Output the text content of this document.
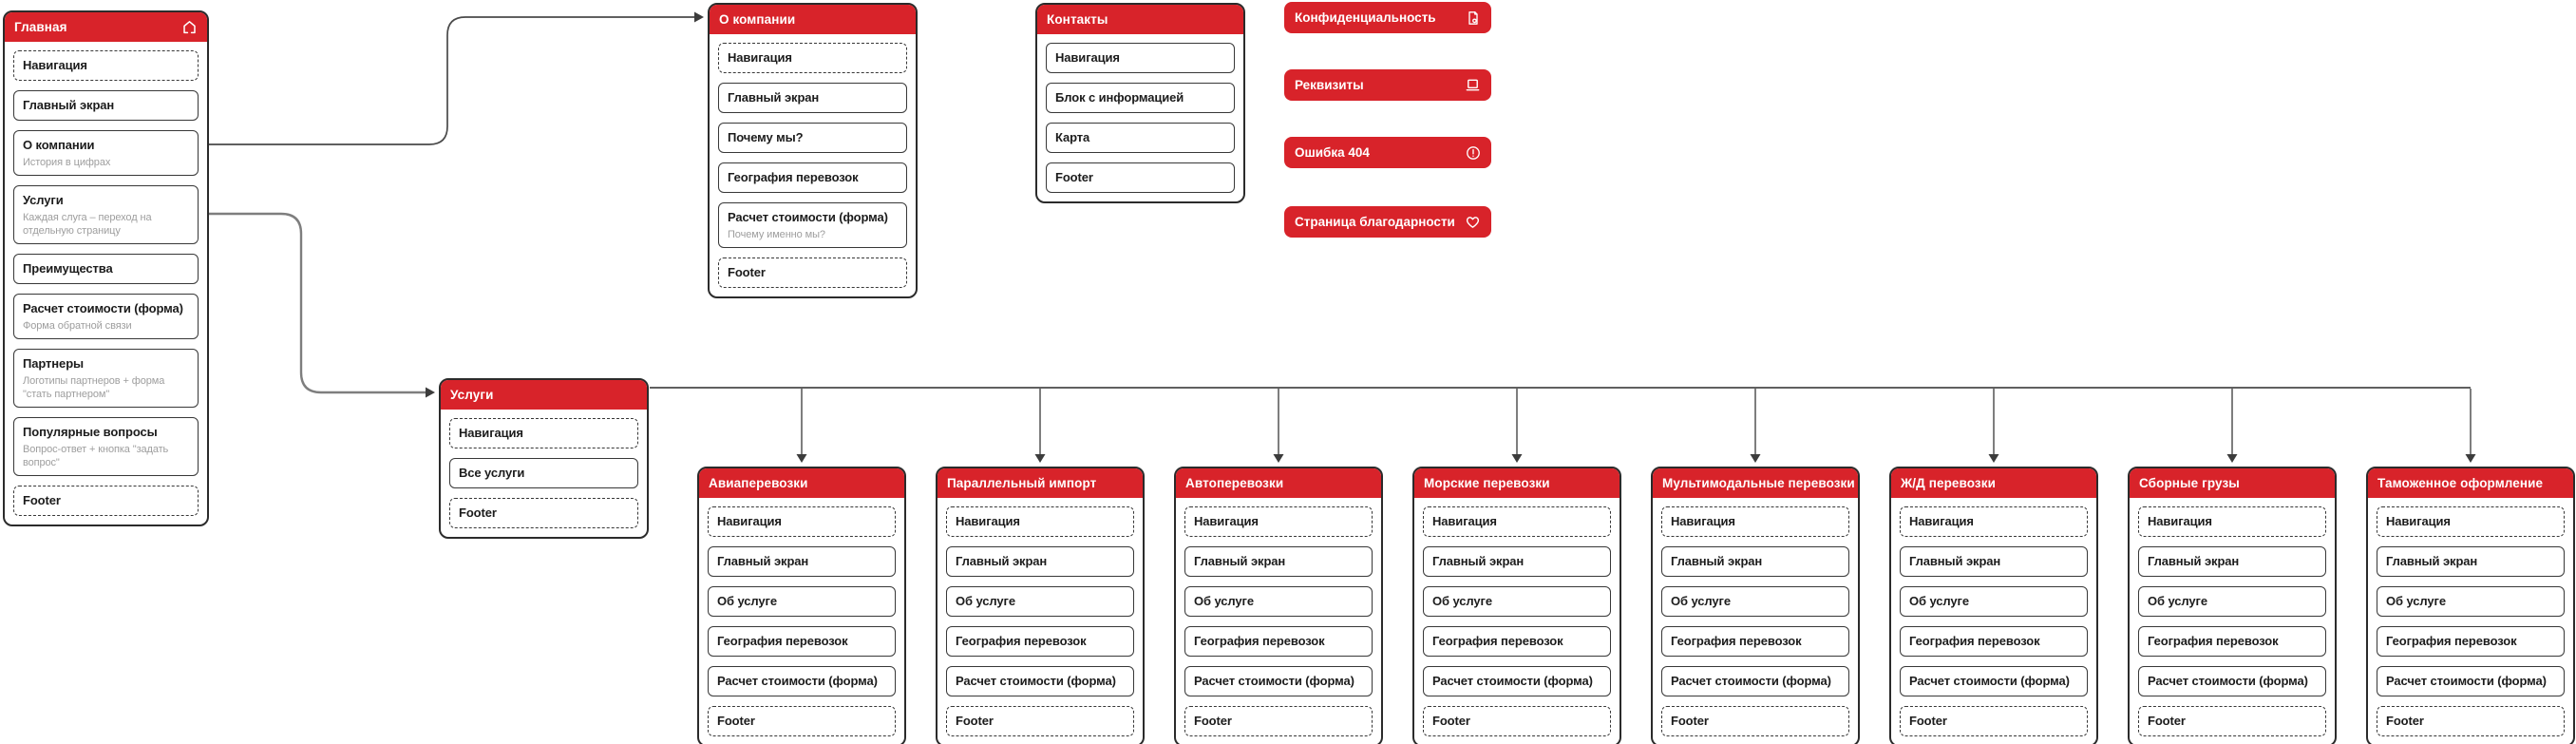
Главная
Навигация
Главный экран
О компании
История в цифрах
Услуги
Каждая слуга – переход на отдельную страницу
Преимущества
Расчет стоимости (форма)
Форма обратной связи
Партнеры
Логотипы партнеров + форма "стать партнером"
Популярные вопросы
Вопрос-ответ + кнопка "задать вопрос"
Footer
О компании
Навигация
Главный экран
Почему мы?
География перевозок
Расчет стоимости (форма)
Почему именно мы?
Footer
Контакты
Навигация
Блок с информацией
Карта
Footer
Услуги
Навигация
Все услуги
Footer
Авиаперевозки
Навигация
Главный экран
Об услуге
География перевозок
Расчет стоимости (форма)
Footer
Параллельный импорт
Навигация
Главный экран
Об услуге
География перевозок
Расчет стоимости (форма)
Footer
Автоперевозки
Навигация
Главный экран
Об услуге
География перевозок
Расчет стоимости (форма)
Footer
Морские перевозки
Навигация
Главный экран
Об услуге
География перевозок
Расчет стоимости (форма)
Footer
Мультимодальные перевозки
Навигация
Главный экран
Об услуге
География перевозок
Расчет стоимости (форма)
Footer
Ж/Д перевозки
Навигация
Главный экран
Об услуге
География перевозок
Расчет стоимости (форма)
Footer
Сборные грузы
Навигация
Главный экран
Об услуге
География перевозок
Расчет стоимости (форма)
Footer
Таможенное оформление
Навигация
Главный экран
Об услуге
География перевозок
Расчет стоимости (форма)
Footer
Конфиденциальность
Реквизиты
Ошибка 404
Страница благодарности
